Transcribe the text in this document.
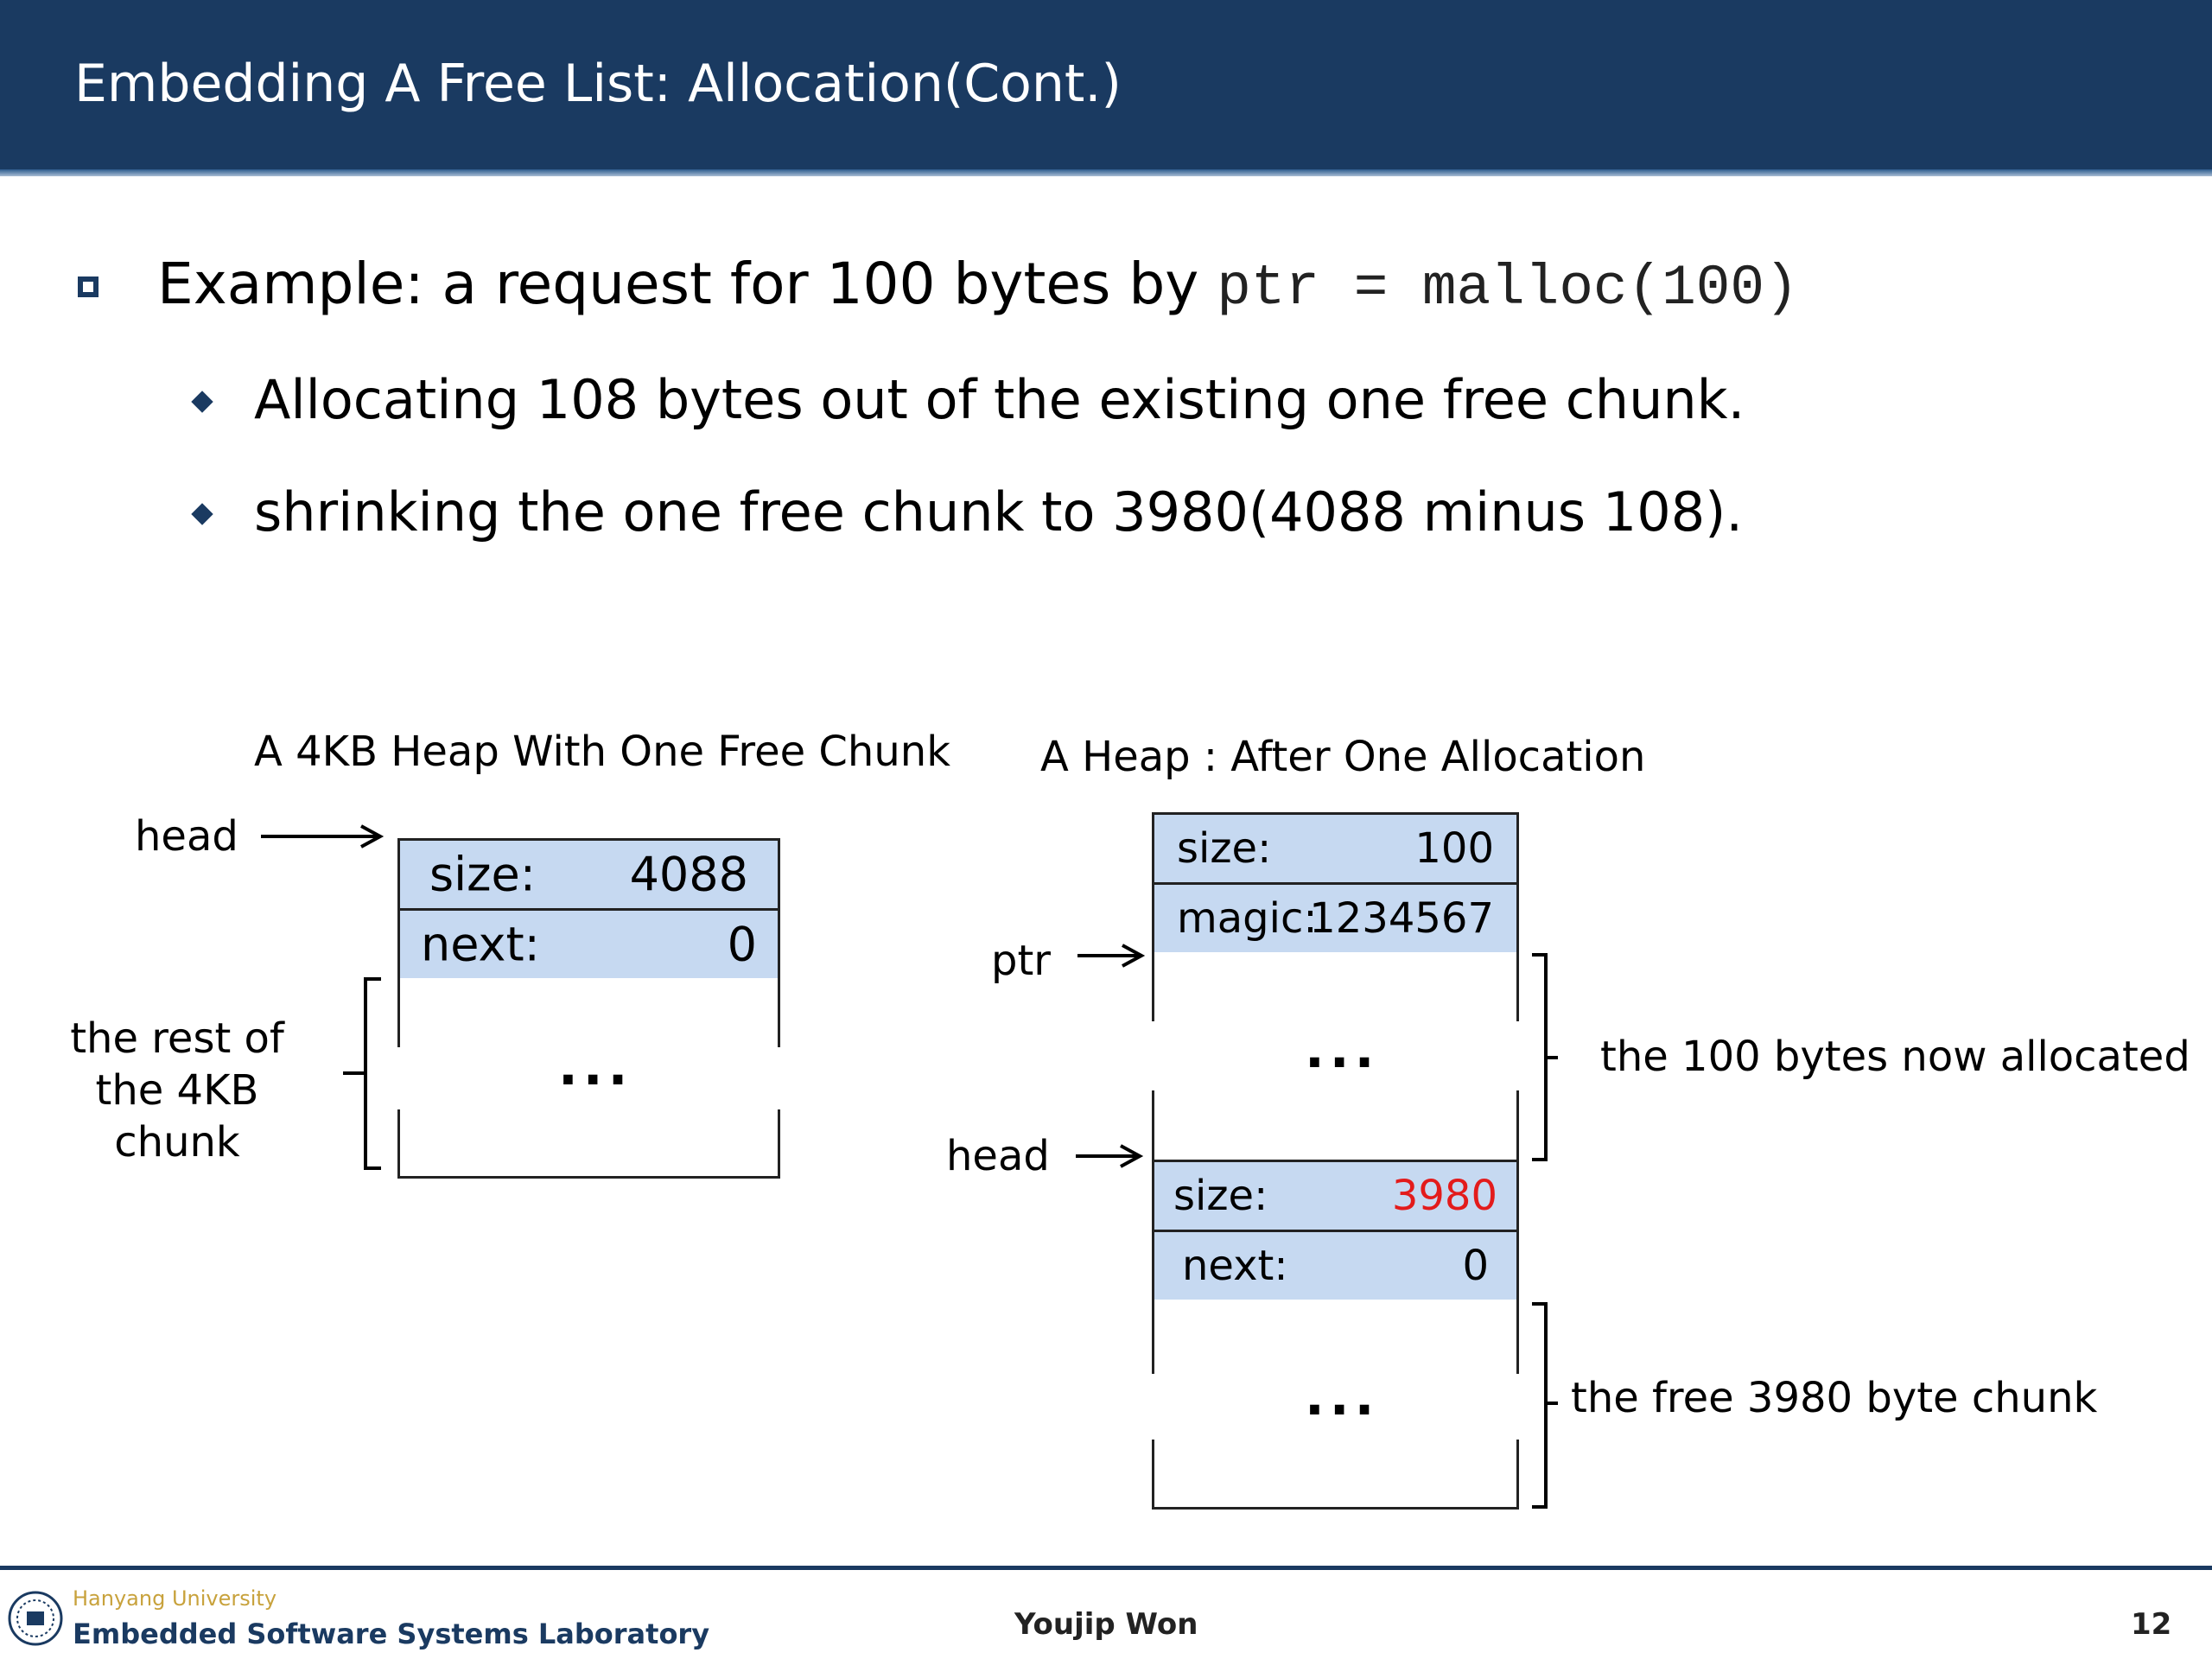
Embedding A Free List: Allocation(Cont.)
Example: a request for 100 bytes by ptr = malloc(100)
Allocating 108 bytes out of the existing one free chunk.
shrinking the one free chunk to 3980(4088 minus 108).
A 4KB Heap With One Free Chunk
head
size: 4088
next:	0
...
the rest of
the 4KB chunk
A Heap : After One Allocation
size:	100
magic:
1234567
ptr
...	the 100 bytes now allocated
head
size:	3980
next:	0
...	the free 3980 byte chunk
Hanyang University
Embedded Software Systems Laboratory	Youjip Won	12
